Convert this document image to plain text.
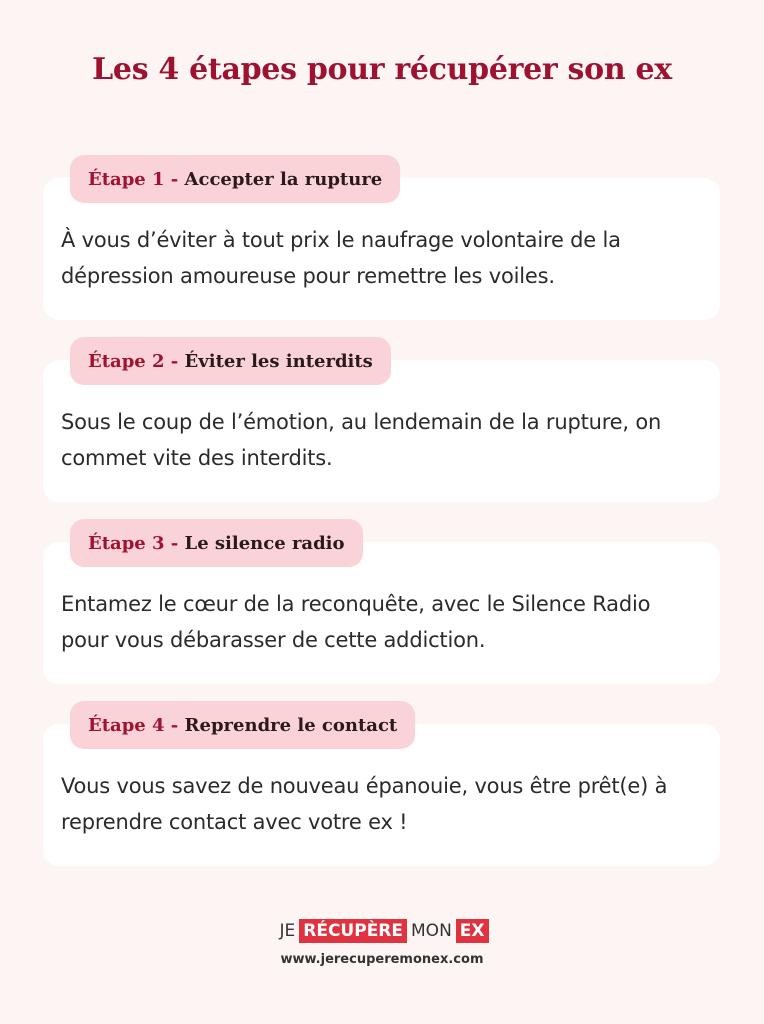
Les 4 étapes pour récupérer son ex

À vous d’éviter à tout prix le naufrage volontaire de la dépression amoureuse pour remettre les voiles.

Étape 1 - Accepter la rupture

Sous le coup de l’émotion, au lendemain de la rupture, on commet vite des interdits.

Étape 2 - Éviter les interdits

Entamez le cœur de la reconquête, avec le Silence Radio pour vous débarasser de cette addiction.

Étape 3 - Le silence radio

Vous vous savez de nouveau épanouie, vous être prêt(e) à reprendre contact avec votre ex !

Étape 4 - Reprendre le contact
JE RÉCUPÈRE MON EX
www.jerecuperemonex.com
